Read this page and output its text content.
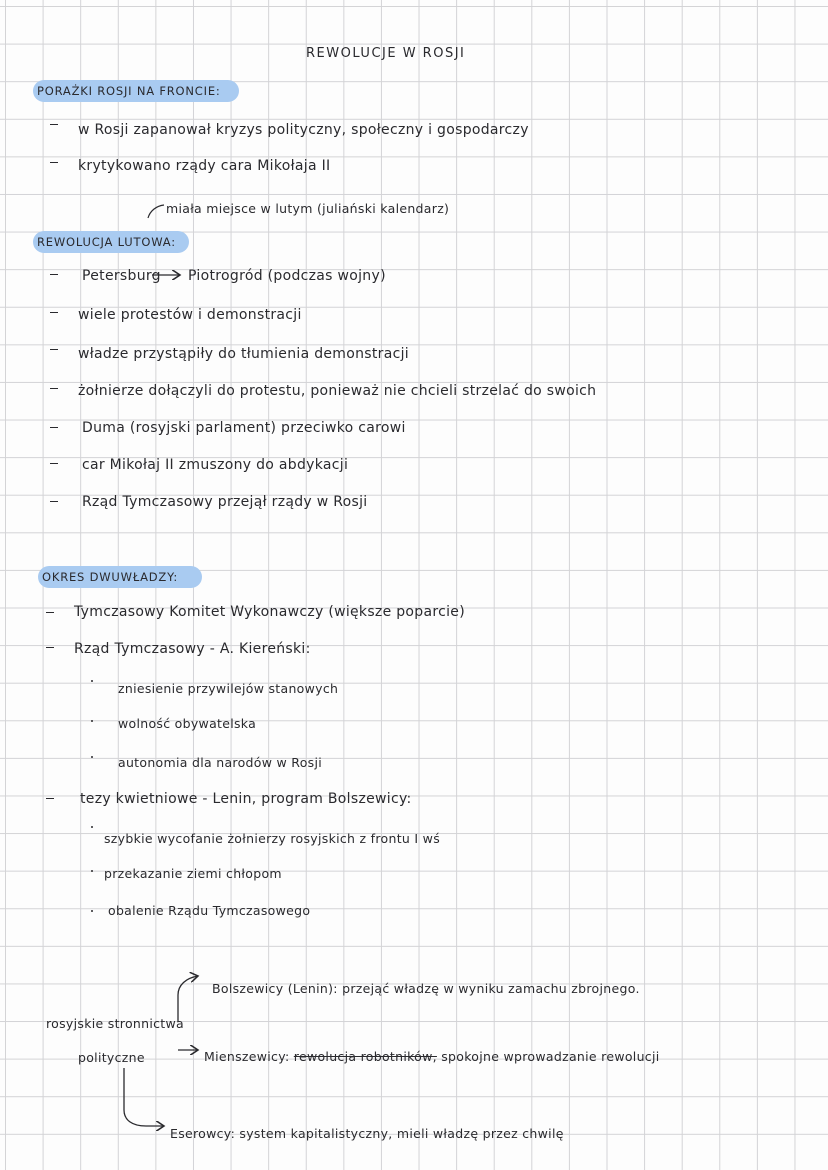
REWOLUCJE W ROSJI
PORAŻKI ROSJI NA FRONCIE:
w Rosji zapanował kryzys polityczny, społeczny i gospodarczy
krytykowano rządy cara Mikołaja II
miała miejsce w lutym (juliański kalendarz)
REWOLUCJA LUTOWA:
Petersburg Piotrogród (podczas wojny)
wiele protestów i demonstracji
władze przystąpiły do tłumienia demonstracji
żołnierze dołączyli do protestu, ponieważ nie chcieli strzelać do swoich
Duma (rosyjski parlament) przeciwko carowi
car Mikołaj II zmuszony do abdykacji
Rząd Tymczasowy przejął rządy w Rosji
OKRES DWUWŁADZY:
Tymczasowy Komitet Wykonawczy (większe poparcie)
Rząd Tymczasowy - A. Kiereński:
zniesienie przywilejów stanowych
wolność obywatelska
autonomia dla narodów w Rosji
tezy kwietniowe - Lenin, program Bolszewicy:
szybkie wycofanie żołnierzy rosyjskich z frontu I wś
przekazanie ziemi chłopom
obalenie Rządu Tymczasowego
Bolszewicy (Lenin): przejąć władzę w wyniku zamachu zbrojnego.
rosyjskie stronnictwa
polityczne	Mienszewicy: rewolucja robotników, spokojne wprowadzanie rewolucji
Eserowcy: system kapitalistyczny, mieli władzę przez chwilę
